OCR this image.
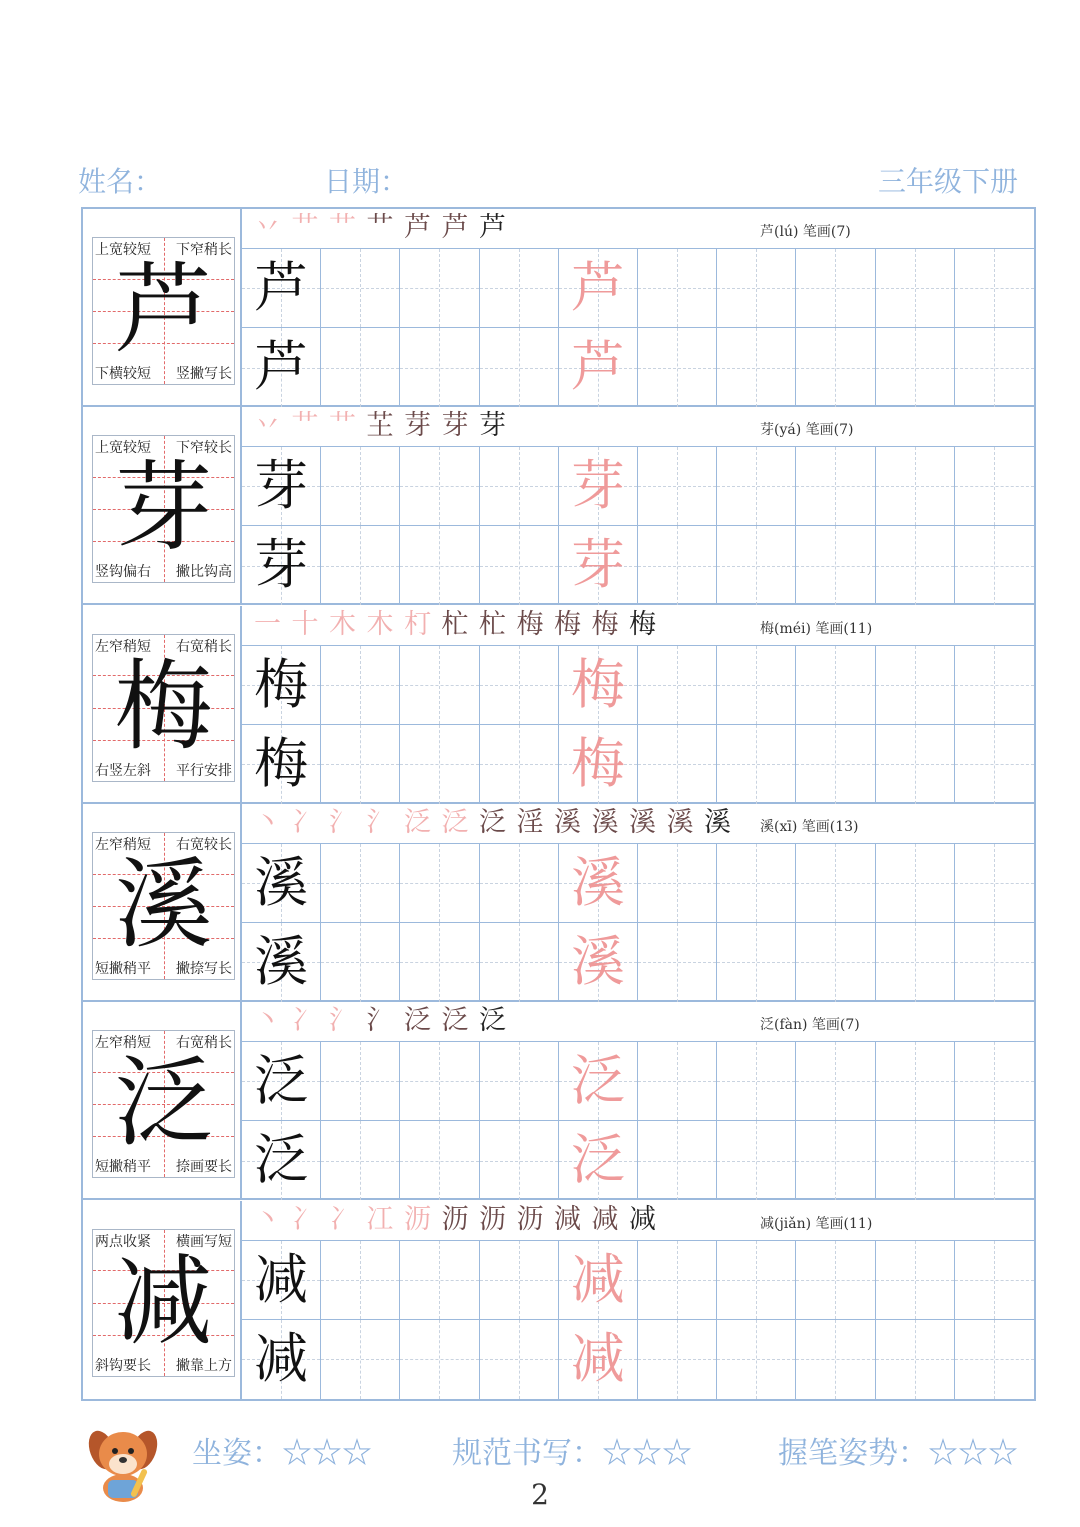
姓名：	日期：	三年级下册
芦
上宽较短 下窄稍长
下横较短 竖撇写长
丷 艹 艹 艹 芦 芦 芦	芦(lú) 笔画(7)
芦	芦
芦	芦
芽
上宽较短 下窄较长
竖钩偏右 撇比钩高
丷 艹 艹 芏 芽 芽 芽	芽(yá) 笔画(7)
芽	芽
芽	芽
梅
左窄稍短 右宽稍长
右竖左斜 平行安排
一 十 木 木 朾 杧 杧 梅 梅 梅 梅	梅(méi) 笔画(11)
梅	梅
梅	梅
溪
左窄稍短 右宽较长
短撇稍平 撇捺写长
丶 冫 氵 氵 泛 泛 泛 淫 溪 溪 溪 溪 溪 溪(xī) 笔画(13)
溪	溪
溪	溪
泛
左窄稍短 右宽稍长
短撇稍平 捺画要长
丶 冫 氵 氵 泛 泛 泛	泛(fàn) 笔画(7)
泛	泛
泛	泛
减
两点收紧 横画写短
斜钩要长 撇靠上方
丶 冫 冫 冮 沥 沥 沥 沥 減 减 减	减(jiǎn) 笔画(11)
减	减
减	减
坐姿：☆☆☆	规范书写：☆☆☆	握笔姿势：☆☆☆
2
